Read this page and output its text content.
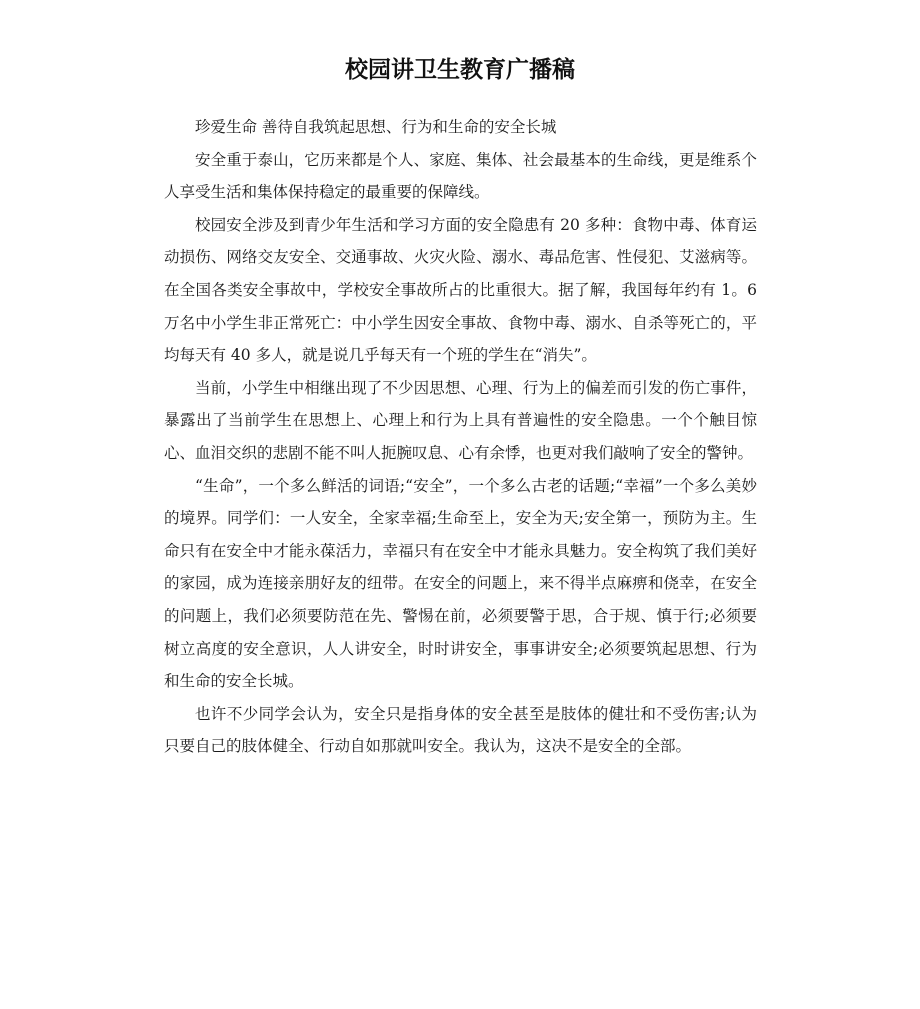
校园讲卫生教育广播稿

珍爱生命 善待自我筑起思想、行为和生命的安全长城

安全重于泰山，它历来都是个人、家庭、集体、社会最基本的生命线，更是维系个人享受生活和集体保持稳定的最重要的保障线。

校园安全涉及到青少年生活和学习方面的安全隐患有 20 多种：食物中毒、体育运动损伤、网络交友安全、交通事故、火灾火险、溺水、毒品危害、性侵犯、艾滋病等。在全国各类安全事故中，学校安全事故所占的比重很大。据了解，我国每年约有 1。6 万名中小学生非正常死亡：中小学生因安全事故、食物中毒、溺水、自杀等死亡的，平均每天有 40 多人，就是说几乎每天有一个班的学生在“消失”。

当前，小学生中相继出现了不少因思想、心理、行为上的偏差而引发的伤亡事件，暴露出了当前学生在思想上、心理上和行为上具有普遍性的安全隐患。一个个触目惊心、血泪交织的悲剧不能不叫人扼腕叹息、心有余悸，也更对我们敲响了安全的警钟。

“生命”，一个多么鲜活的词语;“安全”，一个多么古老的话题;“幸福”一个多么美妙的境界。同学们：一人安全，全家幸福;生命至上，安全为天;安全第一，预防为主。生命只有在安全中才能永葆活力，幸福只有在安全中才能永具魅力。安全构筑了我们美好的家园，成为连接亲朋好友的纽带。在安全的问题上，来不得半点麻痹和侥幸，在安全的问题上，我们必须要防范在先、警惕在前，必须要警于思，合于规、慎于行;必须要树立高度的安全意识，人人讲安全，时时讲安全，事事讲安全;必须要筑起思想、行为和生命的安全长城。

也许不少同学会认为，安全只是指身体的安全甚至是肢体的健壮和不受伤害;认为只要自己的肢体健全、行动自如那就叫安全。我认为，这决不是安全的全部。
